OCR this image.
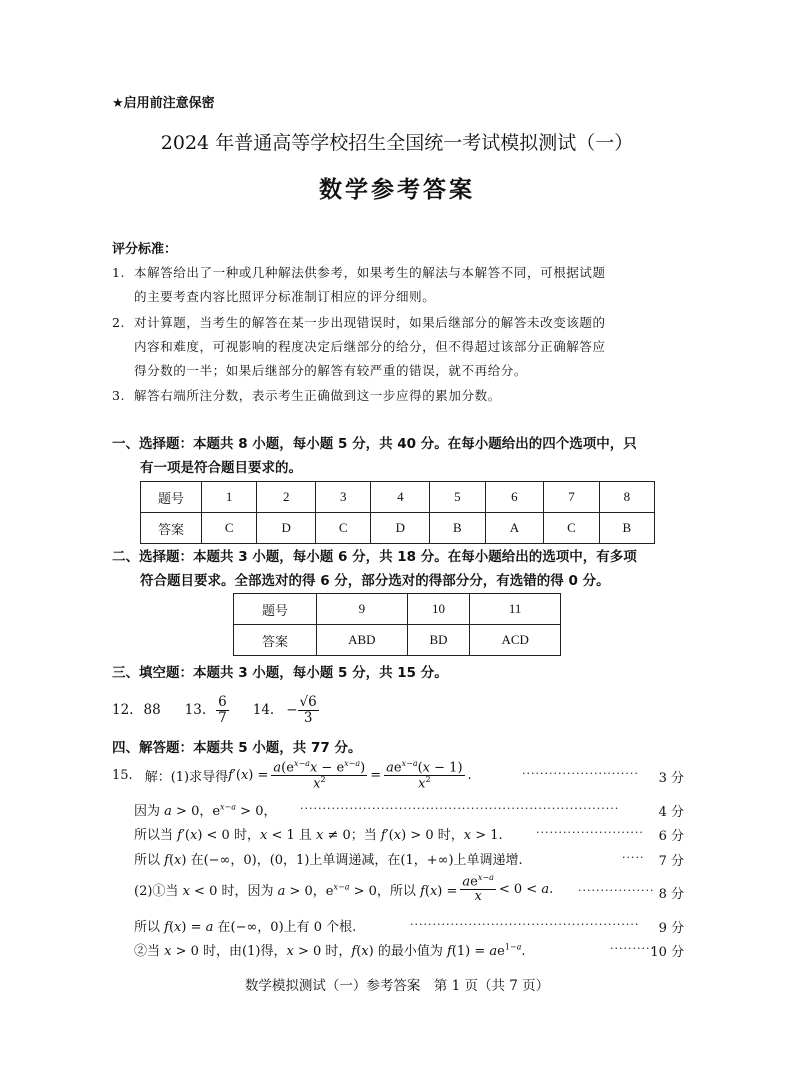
★启用前注意保密
2024 年普通高等学校招生全国统一考试模拟测试（一）
数学参考答案
评分标准：
1. 本解答给出了一种或几种解法供参考，如果考生的解法与本解答不同，可根据试题
的主要考查内容比照评分标准制订相应的评分细则。
2. 对计算题，当考生的解答在某一步出现错误时，如果后继部分的解答未改变该题的
内容和难度，可视影响的程度决定后继部分的给分，但不得超过该部分正确解答应
得分数的一半；如果后继部分的解答有较严重的错误，就不再给分。
3. 解答右端所注分数，表示考生正确做到这一步应得的累加分数。
一、选择题：本题共 8 小题，每小题 5 分，共 40 分。在每小题给出的四个选项中，只
有一项是符合题目要求的。
题号	1	2	3	4	5	6	7	8
答案	C	D	C	D	B	A	C	B
二、选择题：本题共 3 小题，每小题 6 分，共 18 分。在每小题给出的选项中，有多项
符合题目要求。全部选对的得 6 分，部分选对的得部分分，有选错的得 0 分。
题号	9	10	11
答案	ABD	BD	ACD
三、填空题：本题共 3 小题，每小题 5 分，共 15 分。
12. 88 13. $\frac{6}{7} 14$. − $\frac{√6}{3}$
四、解答题：本题共 5 小题，共 77 分。
15. 解：(1)求导得 $f'(x) = \frac{a(e^{x-a}x - e^{x-a})}{x^2} = \frac{ae^{x-a}(x - 1)}{x^2}$ .	·························· 3 分
因为 a > 0，$e^{x-a} > 0$， ·······································································	4 分
所以当 f′(x) < 0 时，x < 1 且 x ≠ 0；当 f′(x) > 0 时，x > 1.	························ 6 分
所以 f(x) 在(−∞，0)，(0，1)上单调递减，在(1，+∞)上单调递增.	····· 7 分
(2)①当 x < 0 时，因为 a > 0，$e^{x-a} > 0$，所以 $f(x) = \frac{ae^{x-a}}{x} < 0 < a$. ················· 8 分
所以 f(x) = a 在(−∞，0)上有 0 个根.	··················································· 9 分
②当 x > 0 时，由(1)得，x > 0 时，f(x) 的最小值为 $f(1) = ae^{1-a}$.	··········
10 分
数学模拟测试（一）参考答案　第 1 页（共 7 页）
